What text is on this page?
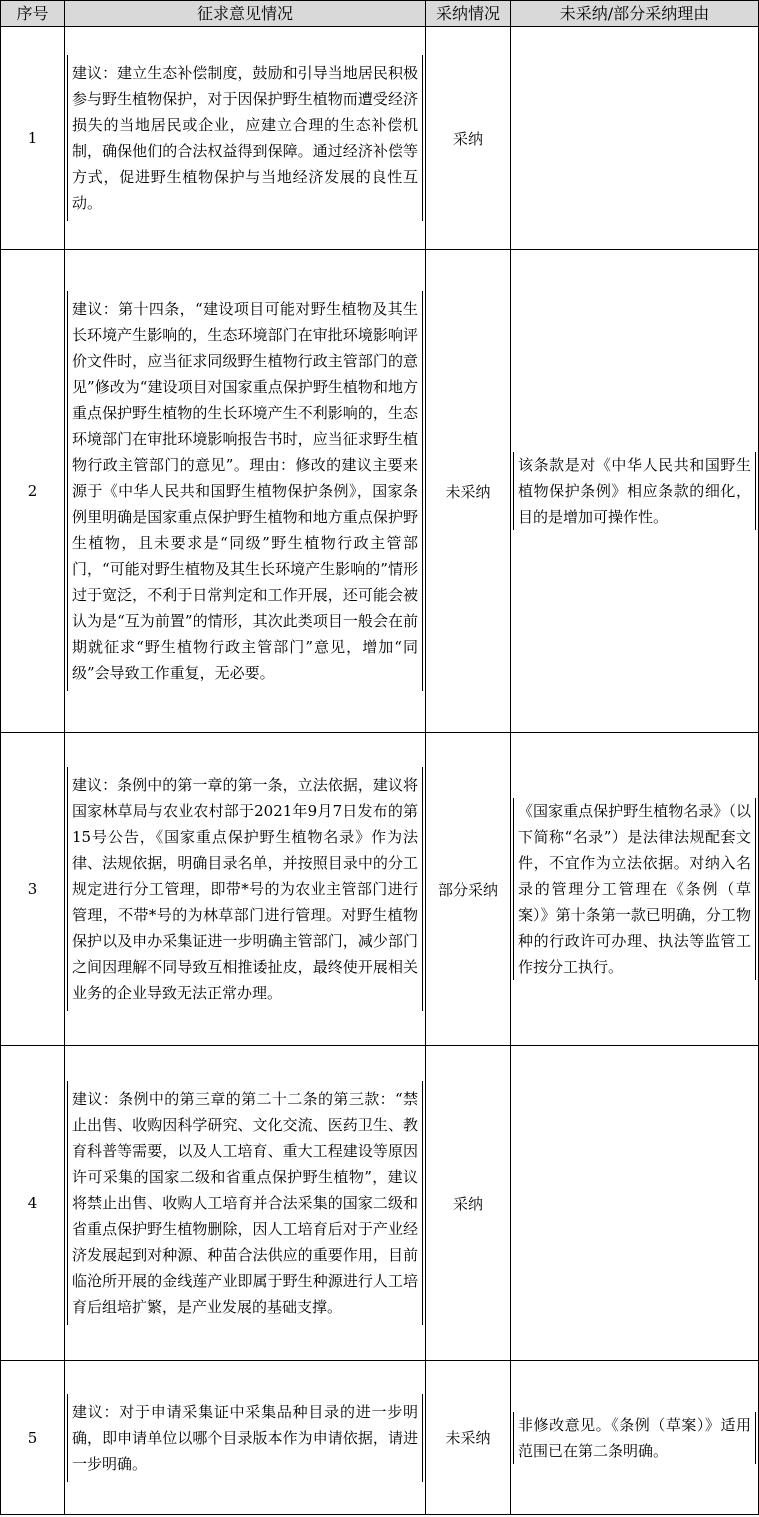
序号	征求意见情况	采纳情况	未采纳/部分采纳理由
1	建议：建立生态补偿制度，鼓励和引导当地居民积极参与野生植物保护，对于因保护野生植物而遭受经济损失的当地居民或企业，应建立合理的生态补偿机制，确保他们的合法权益得到保障。通过经济补偿等方式，促进野生植物保护与当地经济发展的良性互动。	采纳	

2	建议：第十四条，“建设项目可能对野生植物及其生长环境产生影响的，生态环境部门在审批环境影响评价文件时，应当征求同级野生植物行政主管部门的意见”修改为“建设项目对国家重点保护野生植物和地方重点保护野生植物的生长环境产生不利影响的，生态环境部门在审批环境影响报告书时，应当征求野生植物行政主管部门的意见”。理由：修改的建议主要来源于《中华人民共和国野生植物保护条例》，国家条例里明确是国家重点保护野生植物和地方重点保护野生植物，且未要求是“同级”野生植物行政主管部门，“可能对野生植物及其生长环境产生影响的”情形过于宽泛，不利于日常判定和工作开展，还可能会被认为是“互为前置”的情形，其次此类项目一般会在前期就征求“野生植物行政主管部门”意见，增加“同级”会导致工作重复，无必要。	未采纳	该条款是对《中华人民共和国野生植物保护条例》相应条款的细化，目的是增加可操作性。

3	建议：条例中的第一章的第一条，立法依据，建议将国家林草局与农业农村部于2021年9月7日发布的第15号公告，《国家重点保护野生植物名录》作为法律、法规依据，明确目录名单，并按照目录中的分工规定进行分工管理，即带*号的为农业主管部门进行管理，不带*号的为林草部门进行管理。对野生植物保护以及申办采集证进一步明确主管部门，减少部门之间因理解不同导致互相推诿扯皮，最终使开展相关业务的企业导致无法正常办理。	部分采纳	《国家重点保护野生植物名录》（以下简称“名录”）是法律法规配套文件，不宜作为立法依据。对纳入名录的管理分工管理在《条例（草案）》第十条第一款已明确，分工物种的行政许可办理、执法等监管工作按分工执行。

4	建议：条例中的第三章的第二十二条的第三款：“禁止出售、收购因科学研究、文化交流、医药卫生、教育科普等需要，以及人工培育、重大工程建设等原因许可采集的国家二级和省重点保护野生植物”，建议将禁止出售、收购人工培育并合法采集的国家二级和省重点保护野生植物删除，因人工培育后对于产业经济发展起到对种源、种苗合法供应的重要作用，目前临沧所开展的金线莲产业即属于野生种源进行人工培育后组培扩繁，是产业发展的基础支撑。	采纳	

5	建议：对于申请采集证中采集品种目录的进一步明确，即申请单位以哪个目录版本作为申请依据，请进一步明确。	未采纳	非修改意见。《条例（草案）》适用范围已在第二条明确。
